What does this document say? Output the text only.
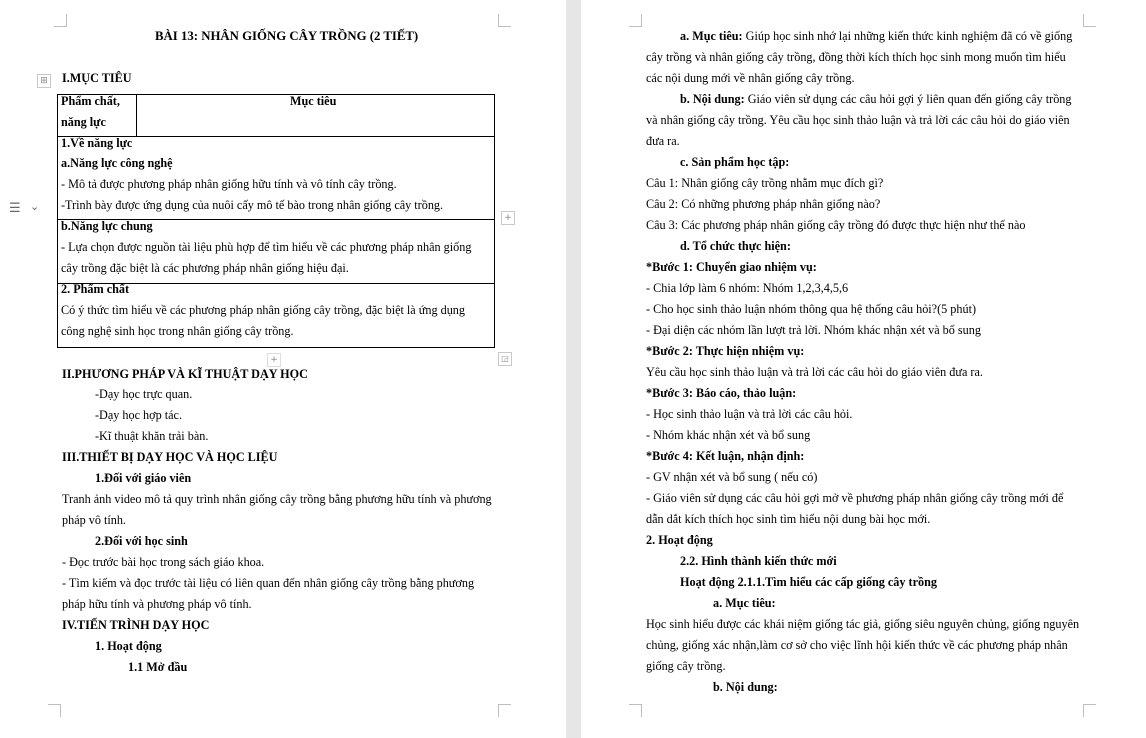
BÀI 13: NHÂN GIỐNG CÂY TRỒNG (2 TIẾT)
⊞ I.MỤC TIÊU
☰ ⌄
Phẩm chất,
năng lực
Mục tiêu
1.Về năng lực
a.Năng lực công nghệ
- Mô tả được phương pháp nhân giống hữu tính và vô tính cây trồng.
-Trình bày được ứng dụng của nuôi cấy mô tế bào trong nhân giống cây trồng.
b.Năng lực chung
- Lựa chọn được nguồn tài liệu phù hợp để tìm hiểu về các phương pháp nhân giống
cây trồng đặc biệt là các phương pháp nhân giống hiệu đại.
2. Phẩm chất
Có ý thức tìm hiểu về các phương pháp nhân giống cây trồng, đặc biệt là ứng dụng
công nghệ sinh học trong nhân giống cây trồng.
+
+	◲
II.PHƯƠNG PHÁP VÀ KĨ THUẬT DẠY HỌC
-Dạy học trực quan.
-Dạy học hợp tác.
-Kĩ thuật khăn trải bàn.
III.THIẾT BỊ DẠY HỌC VÀ HỌC LIỆU
1.Đối với giáo viên
Tranh ảnh video mô tả quy trình nhân giống cây trồng bằng phương hữu tính và phương
pháp vô tính.
2.Đối với học sinh
- Đọc trước bài học trong sách giáo khoa.
- Tìm kiếm và đọc trước tài liệu có liên quan đến nhân giống cây trồng bằng phương
pháp hữu tính và phương pháp vô tính.
IV.TIẾN TRÌNH DẠY HỌC
1. Hoạt động
1.1 Mở đầu
a. Mục tiêu: Giúp học sinh nhớ lại những kiến thức kinh nghiệm đã có về giống
cây trồng và nhân giống cây trồng, đồng thời kích thích học sinh mong muốn tìm hiểu
các nội dung mới về nhân giống cây trồng.
b. Nội dung: Giáo viên sử dụng các câu hỏi gợi ý liên quan đến giống cây trồng
và nhân giống cây trồng. Yêu cầu học sinh thảo luận và trả lời các câu hỏi do giáo viên
đưa ra.
c. Sản phẩm học tập:
Câu 1: Nhân giống cây trồng nhằm mục đích gì?
Câu 2: Có những phương pháp nhân giống nào?
Câu 3: Các phương pháp nhân giống cây trồng đó được thực hiện như thế nào
d. Tổ chức thực hiện:
*Bước 1: Chuyển giao nhiệm vụ:
- Chia lớp làm 6 nhóm: Nhóm 1,2,3,4,5,6
- Cho học sinh thảo luận nhóm thông qua hệ thống câu hỏi?(5 phút)
- Đại diện các nhóm lần lượt trả lời. Nhóm khác nhận xét và bổ sung
*Bước 2: Thực hiện nhiệm vụ:
Yêu cầu học sinh thảo luận và trả lời các câu hỏi do giáo viên đưa ra.
*Bước 3: Báo cáo, thảo luận:
- Học sinh thảo luận và trả lời các câu hỏi.
- Nhóm khác nhận xét và bổ sung
*Bước 4: Kết luận, nhận định:
- GV nhận xét và bổ sung ( nếu có)
- Giáo viên sử dụng các câu hỏi gợi mở về phương pháp nhân giống cây trồng mới để
dẫn dắt kích thích học sinh tìm hiểu nội dung bài học mới.
2. Hoạt động
2.2. Hình thành kiến thức mới
Hoạt động 2.1.1.Tìm hiểu các cấp giống cây trồng
a. Mục tiêu:
Học sinh hiểu được các khái niệm giống tác giả, giống siêu nguyên chủng, giống nguyên
chủng, giống xác nhận,làm cơ sở cho việc lĩnh hội kiến thức về các phương pháp nhân
giống cây trồng.
b. Nội dung:
